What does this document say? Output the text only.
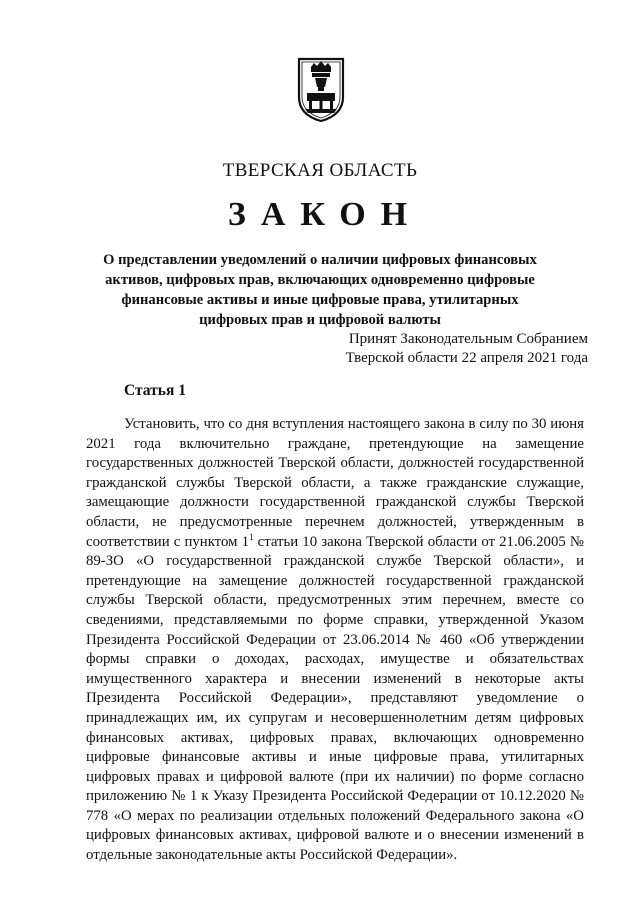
ТВЕРСКАЯ ОБЛАСТЬ
ЗАКОН
О представлении уведомлений о наличии цифровых финансовых активов, цифровых прав, включающих одновременно цифровые финансовые активы и иные цифровые права, утилитарных цифровых прав и цифровой валюты
Принят Законодательным Собранием
Тверской области 22 апреля 2021 года
Статья 1
Установить, что со дня вступления настоящего закона в силу по 30 июня 2021 года включительно граждане, претендующие на замещение государственных должностей Тверской области, должностей государственной гражданской службы Тверской области, а также гражданские служащие, замещающие должности государственной гражданской службы Тверской области, не предусмотренные перечнем должностей, утвержденным в соответствии с пунктом $1^1$ статьи 10 закона Тверской области от 21.06.2005 № 89-ЗО «О государственной гражданской службе Тверской области», и претендующие на замещение должностей государственной гражданской службы Тверской области, предусмотренных этим перечнем, вместе со сведениями, представляемыми по форме справки, утвержденной Указом Президента Российской Федерации от 23.06.2014 № 460 «Об утверждении формы справки о доходах, расходах, имуществе и обязательствах имущественного характера и внесении изменений в некоторые акты Президента Российской Федерации», представляют уведомление о принадлежащих им, их супругам и несовершеннолетним детям цифровых финансовых активах, цифровых правах, включающих одновременно цифровые финансовые активы и иные цифровые права, утилитарных цифровых правах и цифровой валюте (при их наличии) по форме согласно приложению № 1 к Указу Президента Российской Федерации от 10.12.2020 № 778 «О мерах по реализации отдельных положений Федерального закона «О цифровых финансовых активах, цифровой валюте и о внесении изменений в отдельные законодательные акты Российской Федерации».
